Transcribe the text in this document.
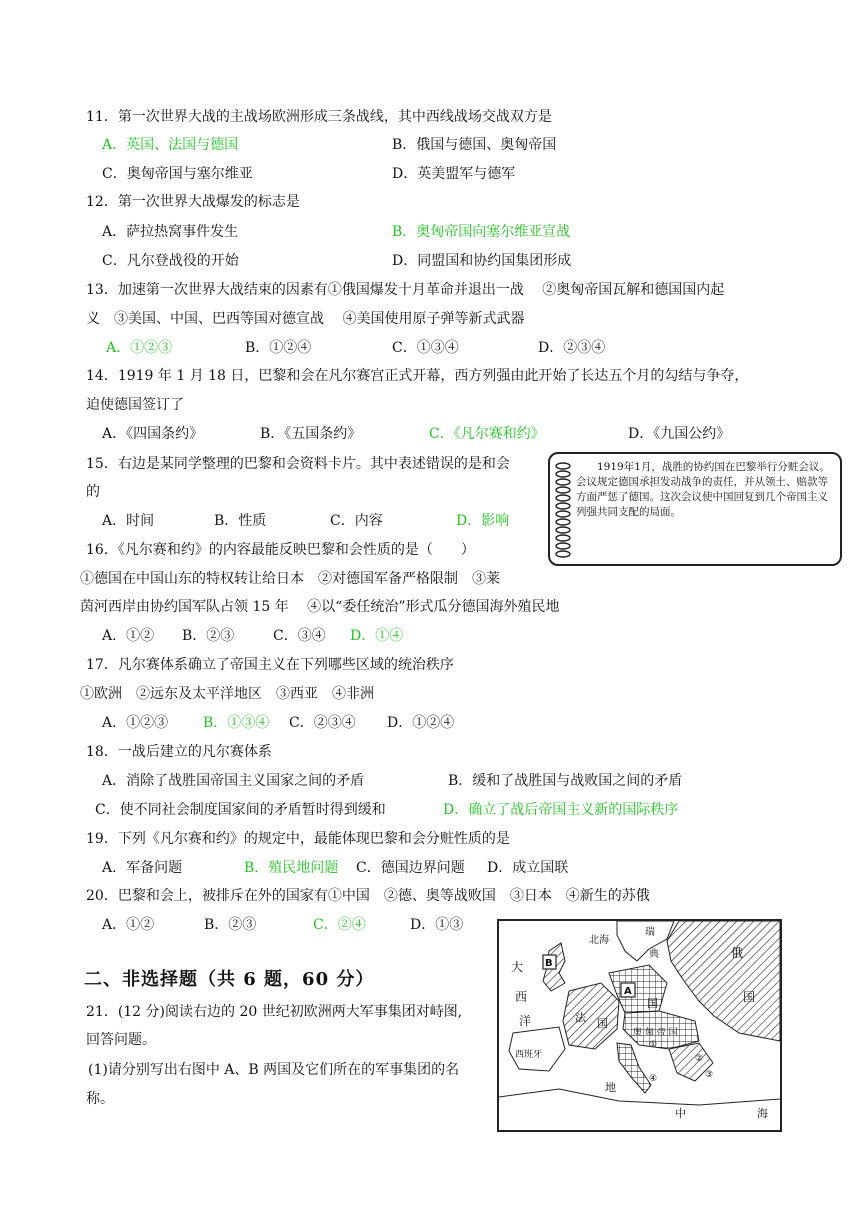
11．第一次世界大战的主战场欧洲形成三条战线，其中西线战场交战双方是
A．英国、法国与德国	B．俄国与德国、奥匈帝国
C．奥匈帝国与塞尔维亚	D．英美盟军与德军
12．第一次世界大战爆发的标志是
A．萨拉热窝事件发生	B．奥匈帝国向塞尔维亚宣战
C．凡尔登战役的开始	D．同盟国和协约国集团形成
13．加速第一次世界大战结束的因素有①俄国爆发十月革命并退出一战　 ②奥匈帝国瓦解和德国国内起
义　③美国、中国、巴西等国对德宣战　 ④美国使用原子弹等新式武器
A．①②③	B．①②④	C．①③④	D．②③④
14．1919 年 1 月 18 日，巴黎和会在凡尔赛宫正式开幕，西方列强由此开始了长达五个月的勾结与争夺，
迫使德国签订了
A．《四国条约》	B．《五国条约》	C．《凡尔赛和约》	D．《九国公约》
15．右边是某同学整理的巴黎和会资料卡片。其中表述错误的是和会
的
A．时间	B．性质	C．内容	D．影响
1919年1月，战胜的协约国在巴黎举行分赃会议。会议规定德国承担发动战争的责任，并从领土、赔款等方面严惩了德国。这次会议使中国回复到几个帝国主义列强共同支配的局面。
16．《凡尔赛和约》的内容最能反映巴黎和会性质的是（　　）
①德国在中国山东的特权转让给日本　②对德国军备严格限制　③莱
茵河西岸由协约国军队占领 15 年　 ④以“委任统治”形式瓜分德国海外殖民地
A．①② B．②③	C．③④ D．①④
17．凡尔赛体系确立了帝国主义在下列哪些区域的统治秩序
①欧洲　②远东及太平洋地区　③西亚　④非洲
A．①②③ B．①③④ C．②③④ D．①②④
18．一战后建立的凡尔赛体系
A．消除了战胜国帝国主义国家之间的矛盾	B．缓和了战胜国与战败国之间的矛盾
C．使不同社会制度国家间的矛盾暂时得到缓和	D．确立了战后帝国主义新的国际秩序
19．下列《凡尔赛和约》的规定中，最能体现巴黎和会分赃性质的是
A．军备问题	B．殖民地问题 C．德国边界问题 D．成立国联
20．巴黎和会上，被排斥在外的国家有①中国　②德、奥等战败国　③日本　④新生的苏俄
A．①②	B．②③	C．②④	D．①③
二、非选择题（共 6 题，60 分）
21．(12 分)阅读右边的 20 世纪初欧洲两大军事集团对峙图,
回答问题。
(1)请分别写出右图中 A、B 两国及它们所在的军事集团的名
称。
B
A
北海
瑞
典	俄
国
大
西
洋	法 国
国
奥 匈 帝 国
西班牙
地
中	海
①
②
③
④
